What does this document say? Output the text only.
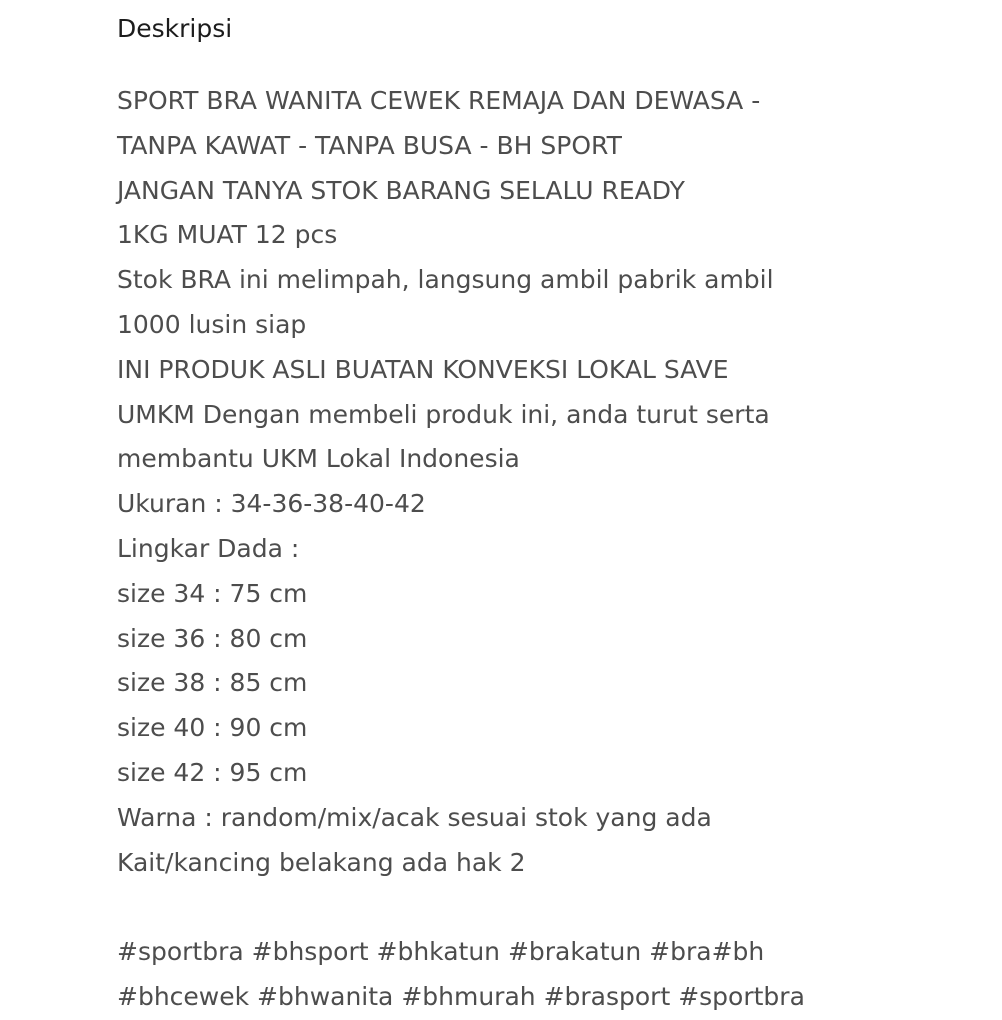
Deskripsi
SPORT BRA WANITA CEWEK REMAJA DAN DEWASA -
TANPA KAWAT - TANPA BUSA - BH SPORT
JANGAN TANYA STOK BARANG SELALU READY
1KG MUAT 12 pcs
Stok BRA ini melimpah, langsung ambil pabrik ambil
1000 lusin siap
INI PRODUK ASLI BUATAN KONVEKSI LOKAL SAVE
UMKM Dengan membeli produk ini, anda turut serta
membantu UKM Lokal Indonesia
Ukuran : 34-36-38-40-42
Lingkar Dada :
size 34 : 75 cm
size 36 : 80 cm
size 38 : 85 cm
size 40 : 90 cm
size 42 : 95 cm
Warna : random/mix/acak sesuai stok yang ada
Kait/kancing belakang ada hak 2
#sportbra #bhsport #bhkatun #brakatun #bra#bh
#bhcewek #bhwanita #bhmurah #brasport #sportbra
